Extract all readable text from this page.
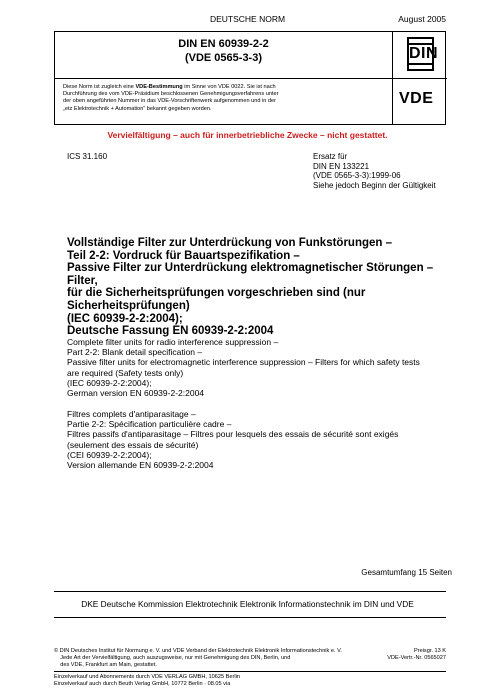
DEUTSCHE NORM	August 2005
DIN EN 60939-2-2
(VDE 0565-3-3)	DIN
VDE
Diese Norm ist zugleich eine VDE-Bestimmung im Sinne von VDE 0022. Sie ist nach
Durchführung des vom VDE-Präsidium beschlossenen Genehmigungsverfahrens unter
der oben angeführten Nummer in das VDE-Vorschriftenwerk aufgenommen und in der
„etz Elektrotechnik + Automation“ bekannt gegeben worden.
Vervielfältigung – auch für innerbetriebliche Zwecke – nicht gestattet.
ICS 31.160	Ersatz für
DIN EN 133221
(VDE 0565-3-3):1999-06
Siehe jedoch Beginn der Gültigkeit
Vollständige Filter zur Unterdrückung von Funkstörungen –
Teil 2-2: Vordruck für Bauartspezifikation –
Passive Filter zur Unterdrückung elektromagnetischer Störungen – Filter,
für die Sicherheitsprüfungen vorgeschrieben sind (nur
Sicherheitsprüfungen)
(IEC 60939-2-2:2004);
Deutsche Fassung EN 60939-2-2:2004
Complete filter units for radio interference suppression –
Part 2-2: Blank detail specification –
Passive filter units for electromagnetic interference suppression – Filters for which safety tests
are required (Safety tests only)
(IEC 60939-2-2:2004);
German version EN 60939-2-2:2004
Filtres complets d'antiparasitage –
Partie 2-2: Spécification particulière cadre –
Filtres passifs d'antiparasitage – Filtres pour lesquels des essais de sécurité sont exigés
(seulement des essais de sécurité)
(CEI 60939-2-2:2004);
Version allemande EN 60939-2-2:2004
Gesamtumfang 15 Seiten
DKE Deutsche Kommission Elektrotechnik Elektronik Informationstechnik im DIN und VDE
© DIN Deutsches Institut für Normung e. V. und VDE Verband der Elektrotechnik Elektronik Informationstechnik e. V.
Jede Art der Vervielfältigung, auch auszugsweise, nur mit Genehmigung des DIN, Berlin, und
des VDE, Frankfurt am Main, gestattet.
Preisgr. 13 K
VDE-Vertr.-Nr. 0565027
Einzelverkauf und Abonnements durch VDE VERLAG GMBH, 10625 Berlin
Einzelverkauf auch durch Beuth Verlag GmbH, 10772 Berlin · 08.05 via
